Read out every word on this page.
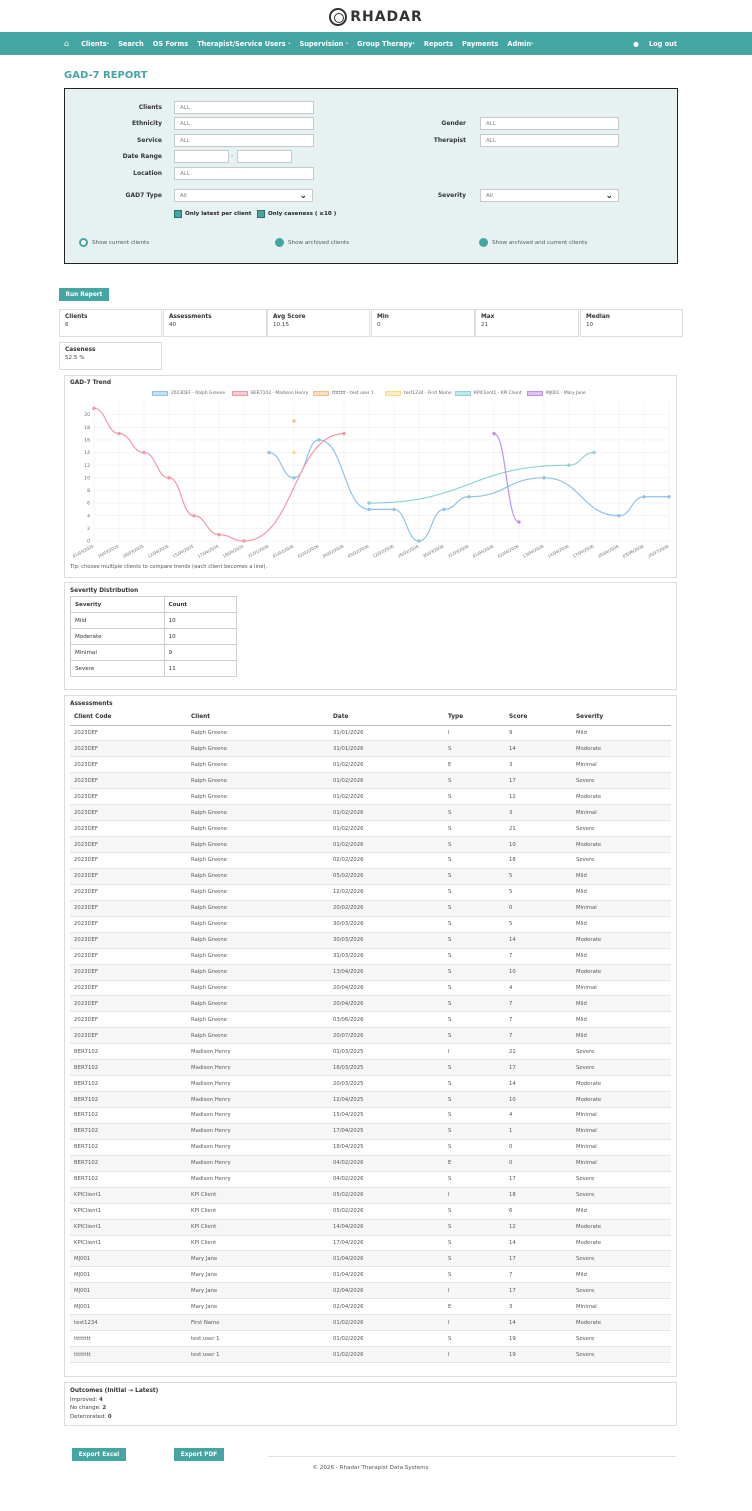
RHADAR
⌂ Clients· Search OS Forms Therapist/Service Users · Supervision · Group Therapy· Reports Payments Admin·	● Log out
GAD-7 REPORT
Clients	ALL
Ethnicity	ALL	Gender	ALL
Service	ALL	Therapist	ALL
Date Range	-
Location	ALL
GAD7 Type	All	⌄	Severity	All	⌄
Only latest per client	Only caseness ( ≥10 )
Show current clients	Show archived clients	Show archived and current clients
Run Report
Clients
6
Assessments
40
Avg Score
10.15
Min
0
Max
21
Median
10
Caseness
52.5 %
GAD-7 Trend
2023DEF - Ralph Greene	BER7102 - Madison Henry	tttttttt - test user 1	test1234 - First Name	KPIClient1 - KPI Client	MJ001 - Mary Jane
0
2
4
6
8
10
12
14
16
18
20
01/03/2025 16/03/2025 20/03/2025 12/04/2025 15/04/2025 17/04/2025 18/04/2025 31/01/2026 01/02/2026 02/02/2026 04/02/2026 05/02/2026 12/02/2026 20/02/2026 30/03/2026 31/03/2026 01/04/2026 02/04/2026 13/04/2026 14/04/2026 17/04/2026 20/04/2026 03/06/2026 20/07/2026
Tip: choose multiple clients to compare trends (each client becomes a line).
Severity Distribution
Severity	Count
Mild	10
Moderate	10
Minimal	9
Severe	11
Assessments
Client Code	Client	Date	Type	Score	Severity
2023DEF	Ralph Greene	31/01/2026	I	9	Mild
2023DEF	Ralph Greene	31/01/2026	S	14	Moderate
2023DEF	Ralph Greene	01/02/2026	E	3	Minimal
2023DEF	Ralph Greene	01/02/2026	S	17	Severe
2023DEF	Ralph Greene	01/02/2026	S	12	Moderate
2023DEF	Ralph Greene	01/02/2026	S	3	Minimal
2023DEF	Ralph Greene	01/02/2026	S	21	Severe
2023DEF	Ralph Greene	01/02/2026	S	10	Moderate
2023DEF	Ralph Greene	02/02/2026	S	18	Severe
2023DEF	Ralph Greene	05/02/2026	S	5	Mild
2023DEF	Ralph Greene	12/02/2026	S	5	Mild
2023DEF	Ralph Greene	20/02/2026	S	0	Minimal
2023DEF	Ralph Greene	30/03/2026	S	5	Mild
2023DEF	Ralph Greene	30/03/2026	S	14	Moderate
2023DEF	Ralph Greene	31/03/2026	S	7	Mild
2023DEF	Ralph Greene	13/04/2026	S	10	Moderate
2023DEF	Ralph Greene	20/04/2026	S	4	Minimal
2023DEF	Ralph Greene	20/04/2026	S	7	Mild
2023DEF	Ralph Greene	03/06/2026	S	7	Mild
2023DEF	Ralph Greene	20/07/2026	S	7	Mild
BER7102	Madison Henry	01/03/2025	I	21	Severe
BER7102	Madison Henry	16/03/2025	S	17	Severe
BER7102	Madison Henry	20/03/2025	S	14	Moderate
BER7102	Madison Henry	12/04/2025	S	10	Moderate
BER7102	Madison Henry	15/04/2025	S	4	Minimal
BER7102	Madison Henry	17/04/2025	S	1	Minimal
BER7102	Madison Henry	18/04/2025	S	0	Minimal
BER7102	Madison Henry	04/02/2026	E	0	Minimal
BER7102	Madison Henry	04/02/2026	S	17	Severe
KPIClient1	KPI Client	05/02/2026	I	18	Severe
KPIClient1	KPI Client	05/02/2026	S	6	Mild
KPIClient1	KPI Client	14/04/2026	S	12	Moderate
KPIClient1	KPI Client	17/04/2026	S	14	Moderate
MJ001	Mary Jane	01/04/2026	S	17	Severe
MJ001	Mary Jane	01/04/2026	S	7	Mild
MJ001	Mary Jane	02/04/2026	I	17	Severe
MJ001	Mary Jane	02/04/2026	E	3	Minimal
test1234	First Name	01/02/2026	I	14	Moderate
tttttttt	test user 1	01/02/2026	S	19	Severe
tttttttt	test user 1	01/02/2026	I	19	Severe
Outcomes (Initial → Latest)
Improved: 4
No change: 2
Deteriorated: 0
Export Excel	Export PDF
© 2026 - Rhadar Therapist Data Systems
